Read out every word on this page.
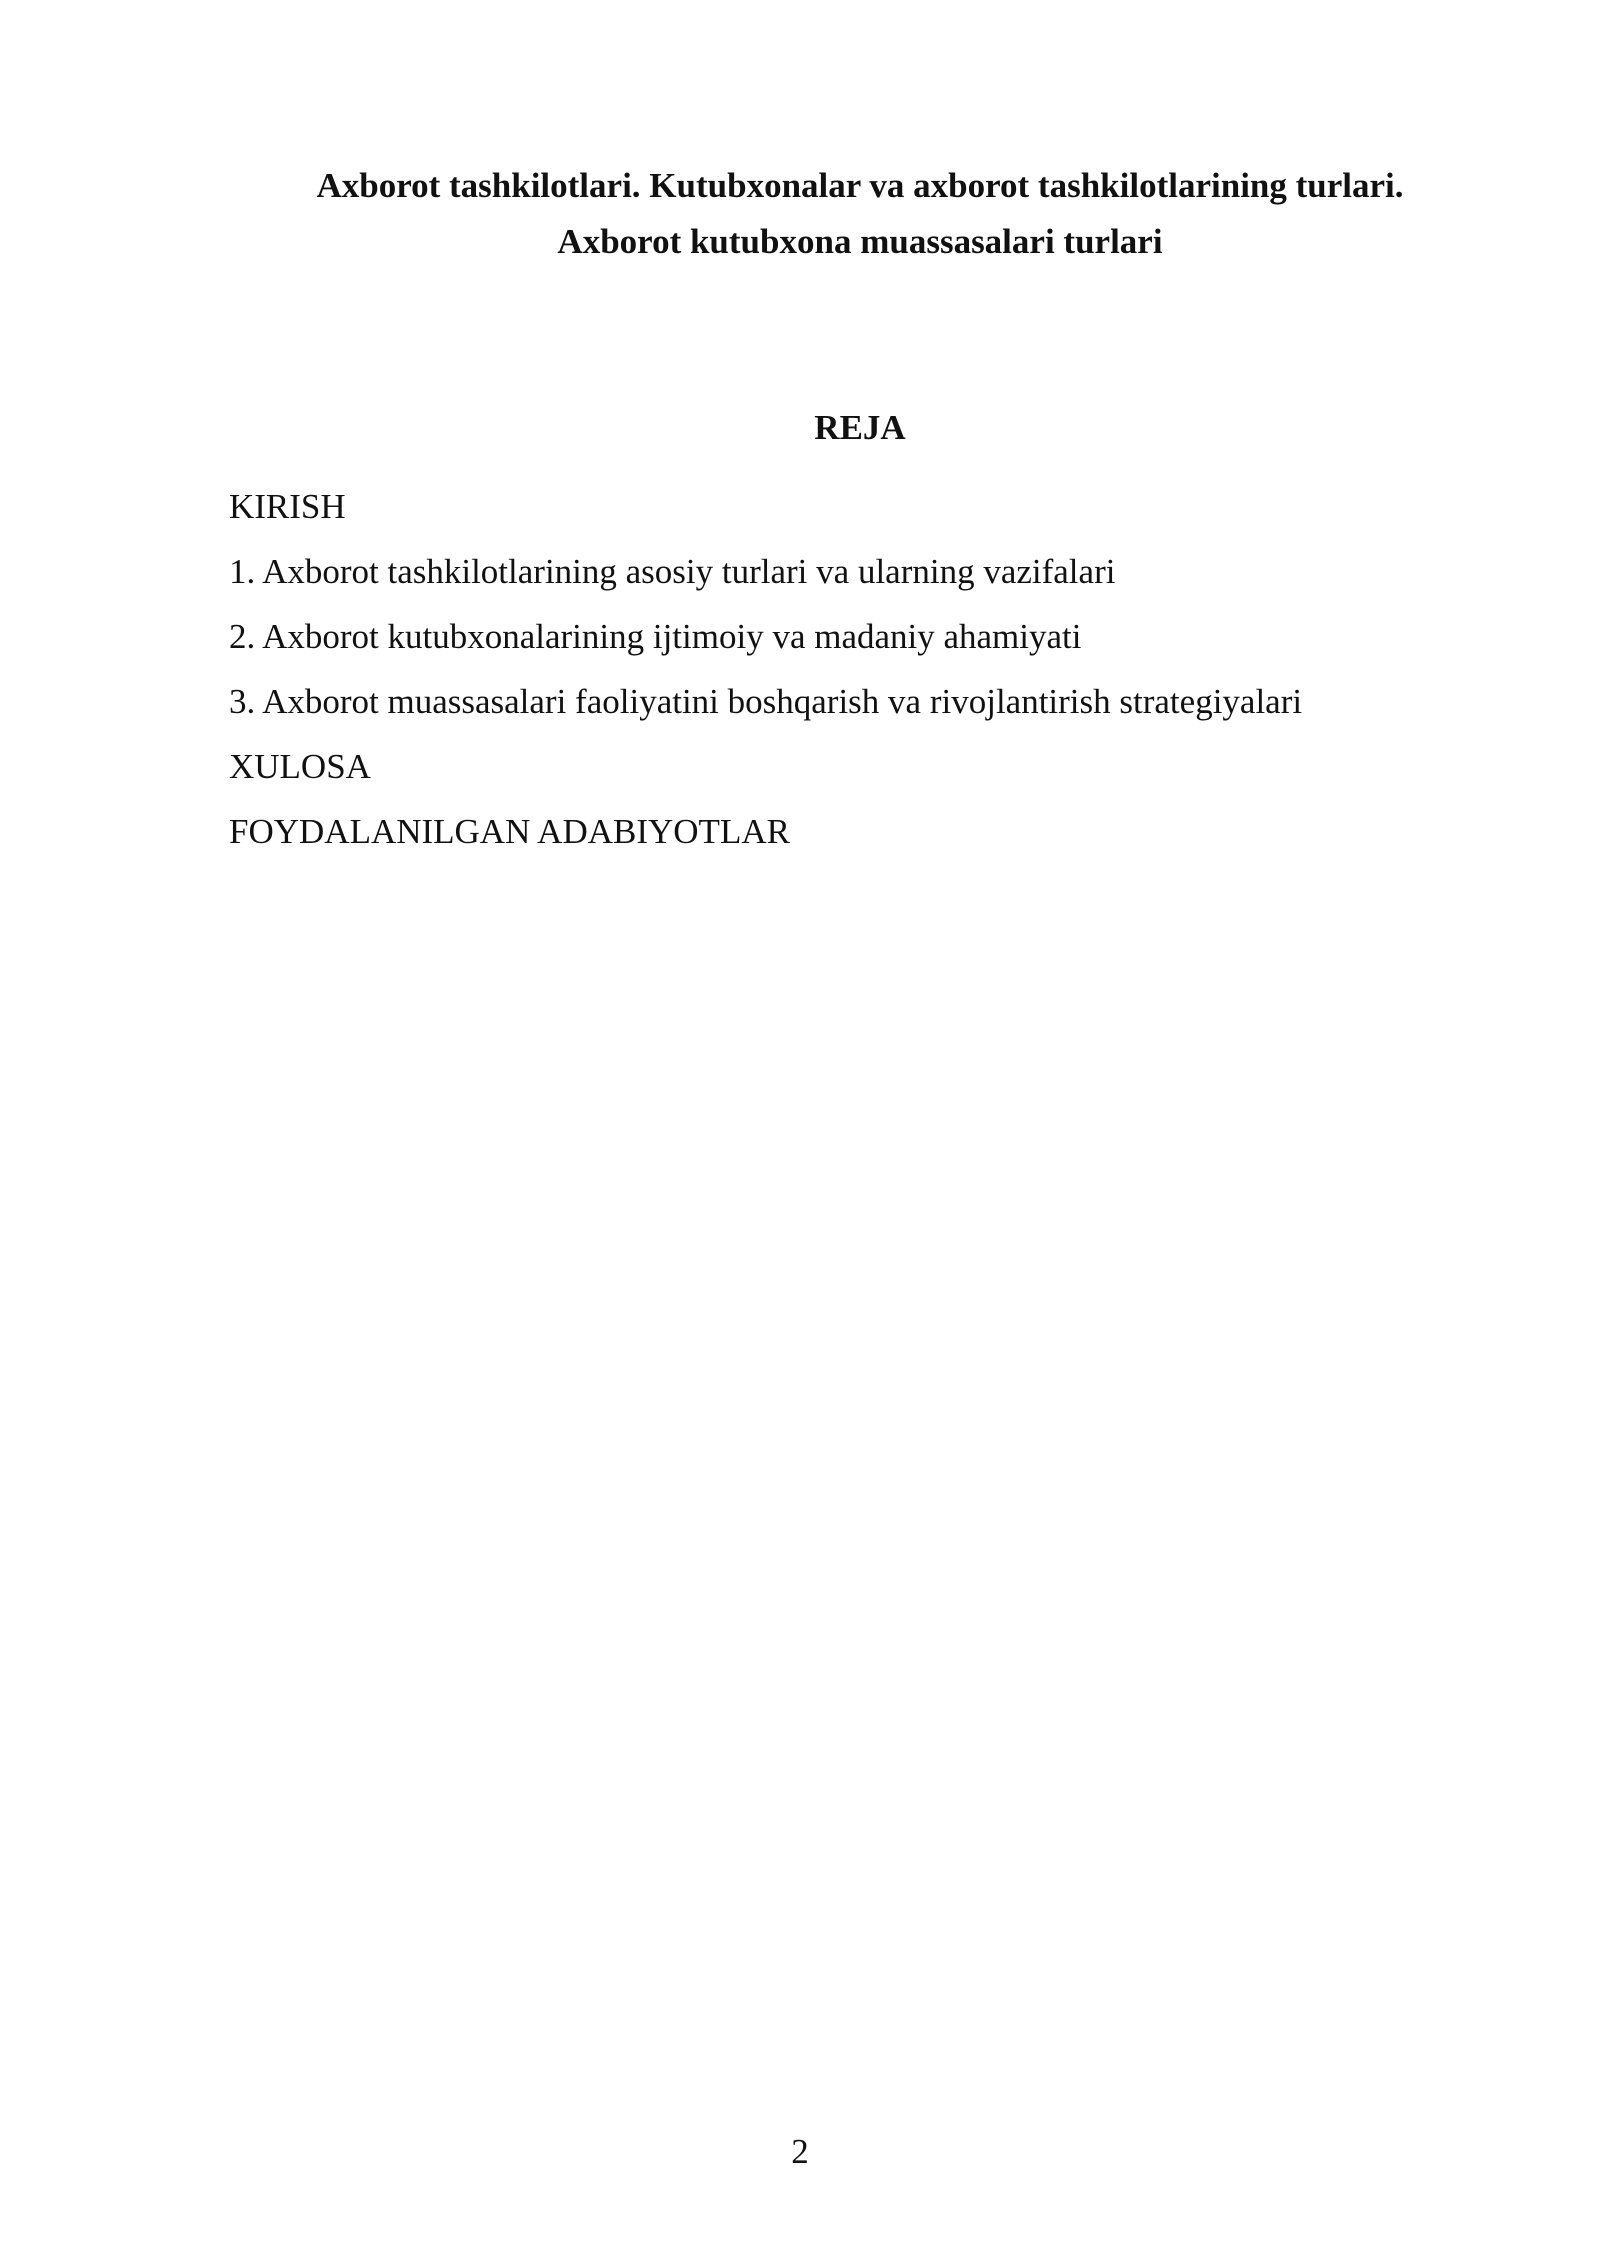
Axborot tashkilotlari. Kutubxonalar va axborot tashkilotlarining turlari.
Axborot kutubxona muassasalari turlari
REJA
KIRISH
1. Axborot tashkilotlarining asosiy turlari va ularning vazifalari
2. Axborot kutubxonalarining ijtimoiy va madaniy ahamiyati
3. Axborot muassasalari faoliyatini boshqarish va rivojlantirish strategiyalari
XULOSA
FOYDALANILGAN ADABIYOTLAR
2
